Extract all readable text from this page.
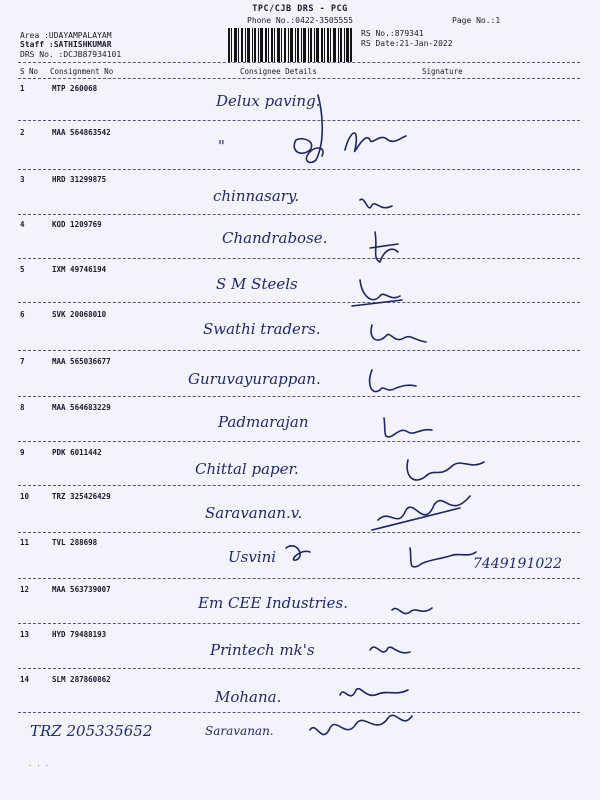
TPC/CJB DRS - PCG
Phone No.:0422-3505555	Page No.:1
Area :UDAYAMPALAYAM
Staff :SATHISHKUMAR
DRS No. :DCJB87934101
RS No.:879341
RS Date:21-Jan-2022
S No Consignment No	Consignee Details	Signature
1	MTP 260068
Delux paving.
2	MAA 564863542
"
3	HRD 31299875
chinnasary.
4	KOD 1209769
Chandrabose.
5	IXM 49746194
S M Steels
6	SVK 20068010
Swathi traders.
7	MAA 565036677
Guruvayurappan.
8	MAA 564683229
Padmarajan
9	PDK 6011442
Chittal paper.
10	TRZ 325426429
Saravanan.v.
11	TVL 288698
Usvini
12	MAA 563739007
Em CEE Industries.
13	HYD 79488193
Printech mk's
14	SLM 287860862
Mohana.
TRZ 205335652	Saravanan.
7449191022
· · ·
